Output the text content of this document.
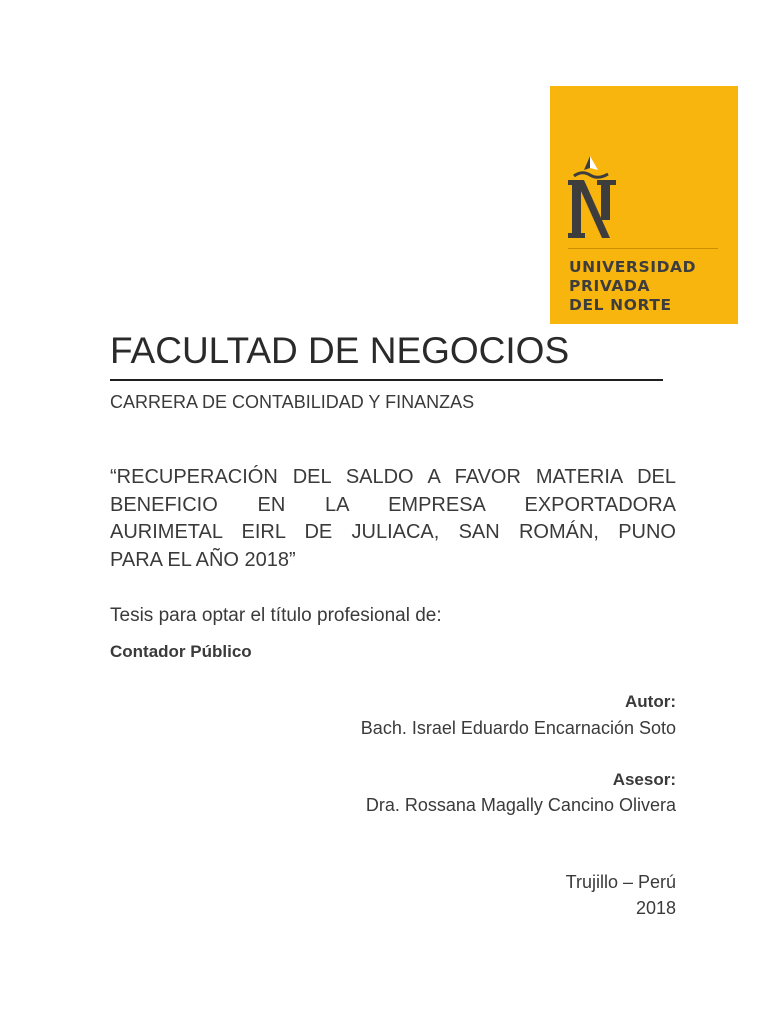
UNIVERSIDAD
PRIVADA
DEL NORTE
FACULTAD DE NEGOCIOS
CARRERA DE CONTABILIDAD Y FINANZAS
“RECUPERACIÓN DEL SALDO A FAVOR MATERIA DEL
BENEFICIO EN LA EMPRESA EXPORTADORA
AURIMETAL EIRL DE JULIACA, SAN ROMÁN, PUNO
PARA EL AÑO 2018”
Tesis para optar el título profesional de:
Contador Público
Autor:
Bach. Israel Eduardo Encarnación Soto
Asesor:
Dra. Rossana Magally Cancino Olivera
Trujillo – Perú
2018
